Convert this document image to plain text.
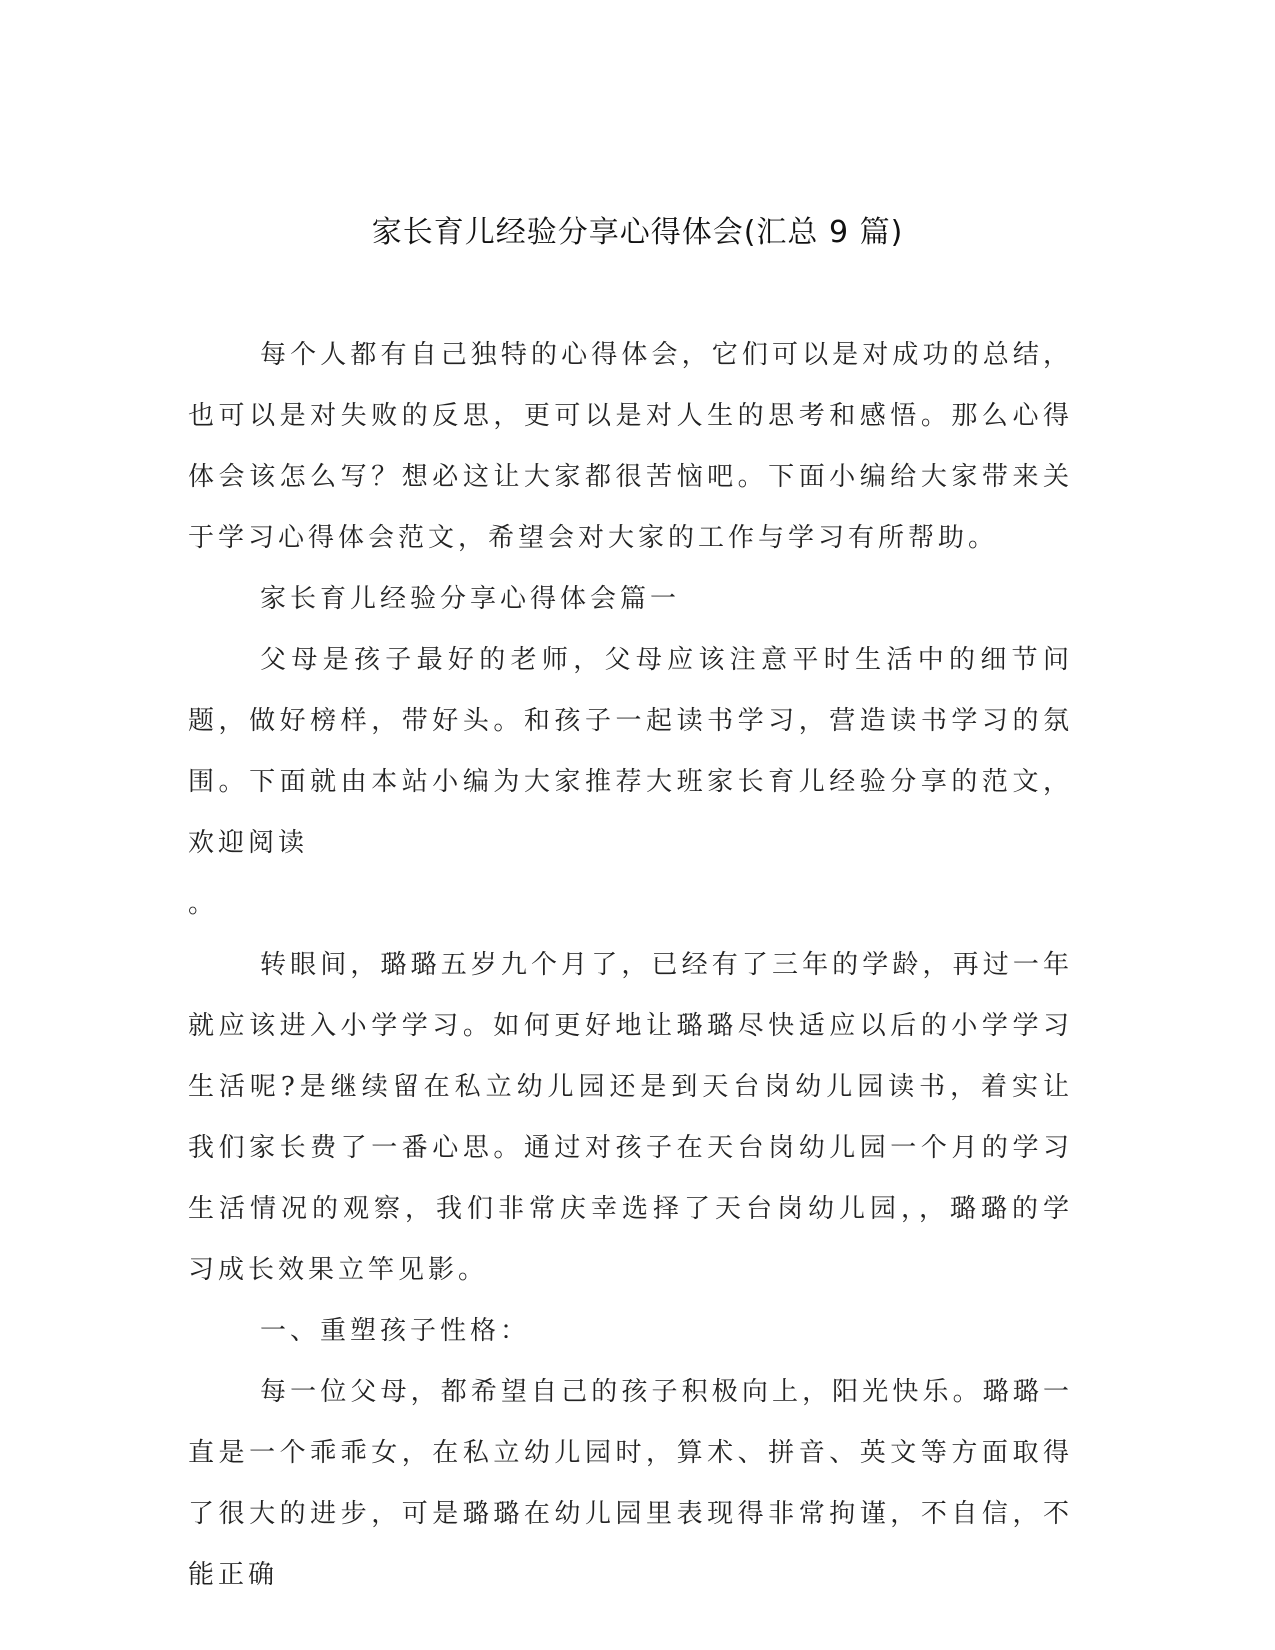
家长育儿经验分享心得体会(汇总 9 篇)

每个人都有自己独特的心得体会，它们可以是对成功的总结，也可以是对失败的反思，更可以是对人生的思考和感悟。那么心得体会该怎么写？想必这让大家都很苦恼吧。下面小编给大家带来关于学习心得体会范文，希望会对大家的工作与学习有所帮助。

家长育儿经验分享心得体会篇一

父母是孩子最好的老师，父母应该注意平时生活中的细节问题，做好榜样，带好头。和孩子一起读书学习，营造读书学习的氛围。下面就由本站小编为大家推荐大班家长育儿经验分享的范文，欢迎阅读

。

转眼间，璐璐五岁九个月了，已经有了三年的学龄，再过一年就应该进入小学学习。如何更好地让璐璐尽快适应以后的小学学习生活呢?是继续留在私立幼儿园还是到天台岗幼儿园读书，着实让我们家长费了一番心思。通过对孩子在天台岗幼儿园一个月的学习生活情况的观察，我们非常庆幸选择了天台岗幼儿园，，璐璐的学习成长效果立竿见影。

一、重塑孩子性格：

每一位父母，都希望自己的孩子积极向上，阳光快乐。璐璐一直是一个乖乖女，在私立幼儿园时，算术、拼音、英文等方面取得了很大的进步，可是璐璐在幼儿园里表现得非常拘谨，不自信，不能正确
